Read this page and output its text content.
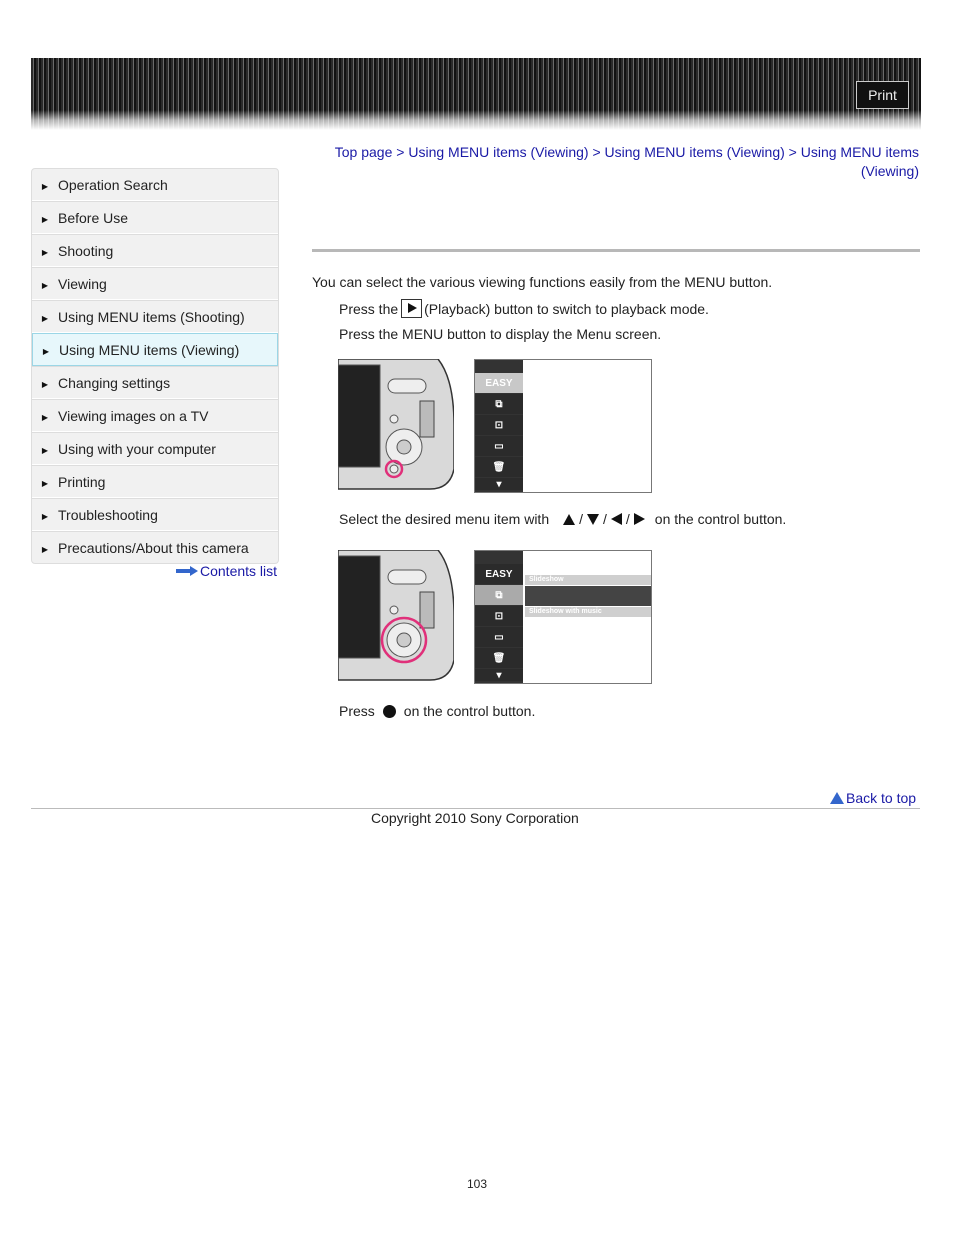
Print
▶ Operation Search
▶ Before Use
▶ Shooting
▶ Viewing
▶ Using MENU items (Shooting)
▶ Using MENU items (Viewing)
▶ Changing settings
▶ Viewing images on a TV
▶ Using with your computer
▶ Printing
▶ Troubleshooting
▶ Precautions/About this camera
Contents list
Top page > Using MENU items (Viewing) > Using MENU items (Viewing) > Using MENU items (Viewing)
You can select the various viewing functions easily from the MENU button.
Press the (Playback) button to switch to playback mode.
Press the MENU button to display the Menu screen.
EASY
⧉
⊡
▭
🗑
▾
Select the desired menu item with / / / on the control button.
EASY
⧉
⊡
▭
🗑
▾
Slideshow
Slideshow with music
Press on the control button.
Back to top
Copyright 2010 Sony Corporation
103
